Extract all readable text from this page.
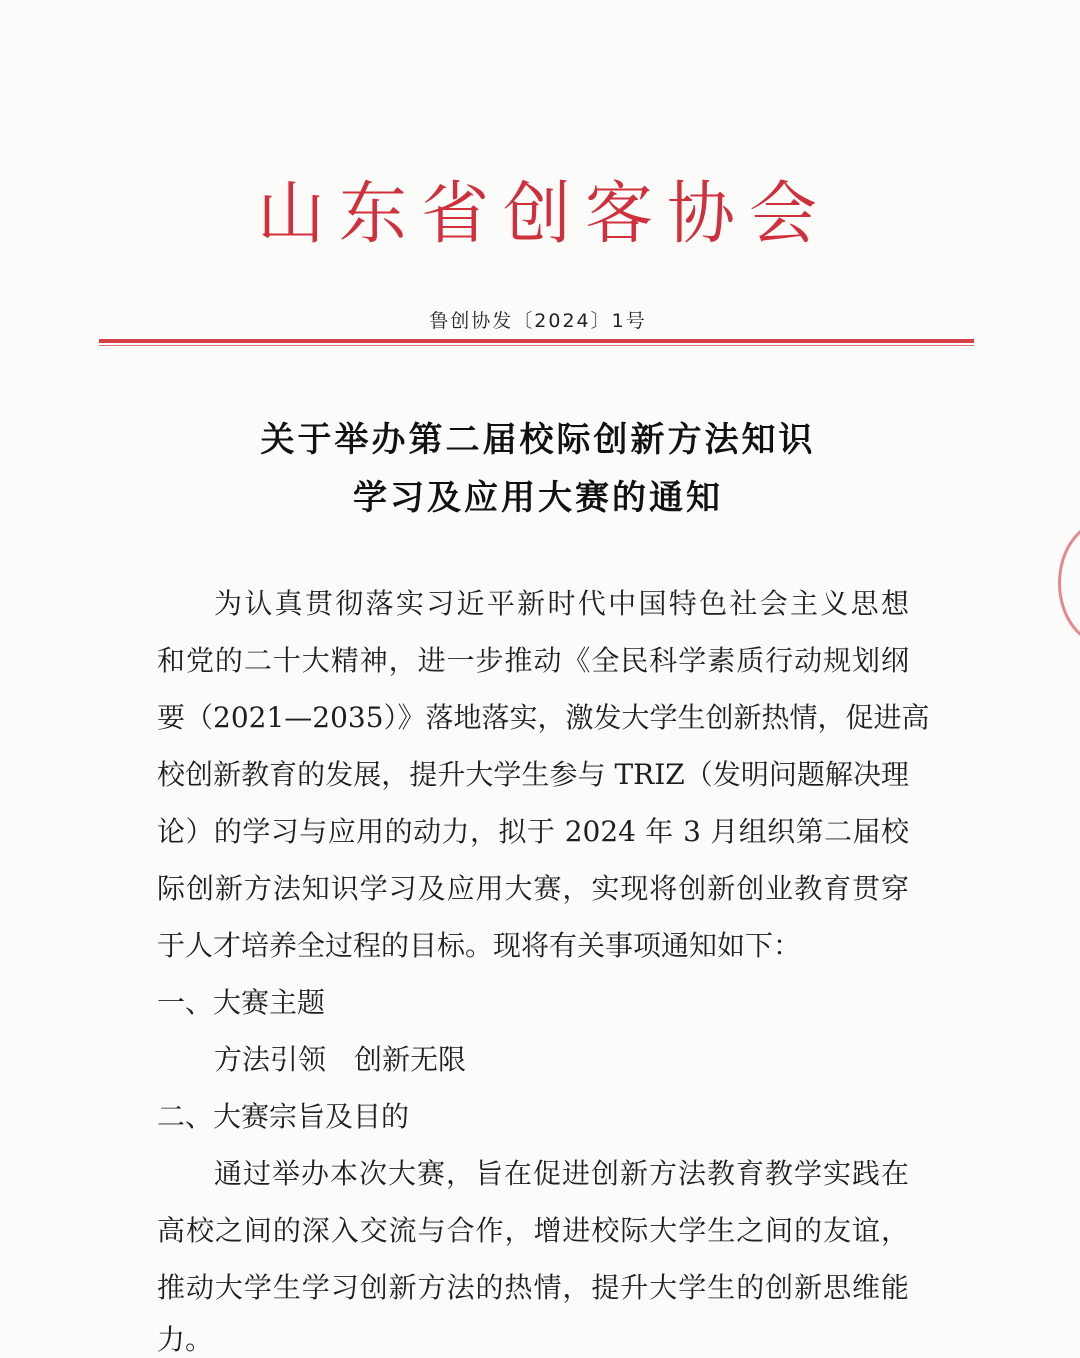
山东省创客协会
鲁创协发〔2024〕1号
关于举办第二届校际创新方法知识
学习及应用大赛的通知
为认真贯彻落实习近平新时代中国特色社会主义思想
和党的二十大精神，进一步推动《全民科学素质行动规划纲
要（2021—2035）》落地落实，激发大学生创新热情，促进高
校创新教育的发展，提升大学生参与 TRIZ（发明问题解决理
论）的学习与应用的动力，拟于 2024 年 3 月组织第二届校
际创新方法知识学习及应用大赛，实现将创新创业教育贯穿
于人才培养全过程的目标。现将有关事项通知如下：
一、大赛主题
方法引领　创新无限
二、大赛宗旨及目的
通过举办本次大赛，旨在促进创新方法教育教学实践在
高校之间的深入交流与合作，增进校际大学生之间的友谊，
推动大学生学习创新方法的热情，提升大学生的创新思维能
力。
